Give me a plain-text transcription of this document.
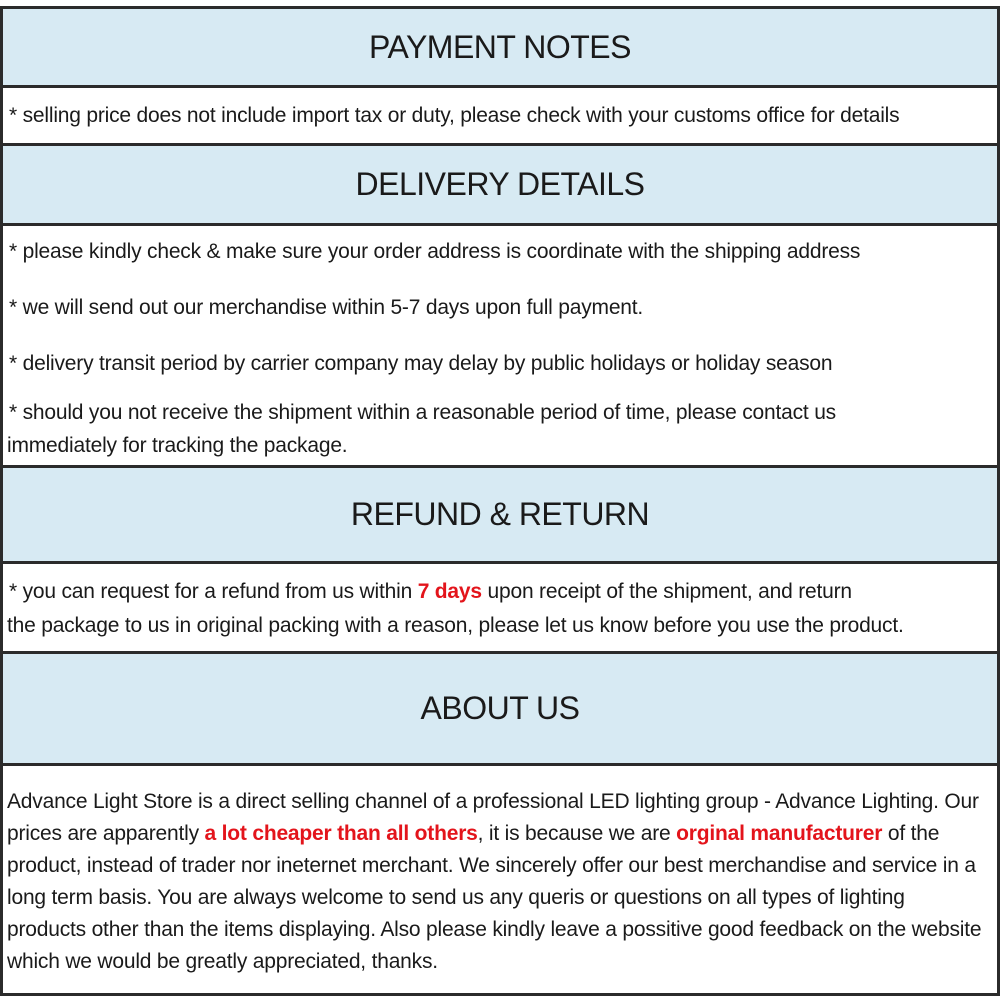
PAYMENT NOTES
* selling price does not include import tax or duty, please check with your customs office for details
DELIVERY DETAILS
* please kindly check & make sure your order address is coordinate with the shipping address
* we will send out our merchandise within 5-7 days upon full payment.
* delivery transit period by carrier company may delay by public holidays or holiday season
* should you not receive the shipment within a reasonable period of time, please contact us
immediately for tracking the package.
REFUND & RETURN
* you can request for a refund from us within 7 days upon receipt of the shipment, and return
the package to us in original packing with a reason, please let us know before you use the product.
ABOUT US
Advance Light Store is a direct selling channel of a professional LED lighting group - Advance Lighting. Our
prices are apparently a lot cheaper than all others, it is because we are orginal manufacturer of the
product, instead of trader nor ineternet merchant. We sincerely offer our best merchandise and service in a
long term basis. You are always welcome to send us any queris or questions on all types of lighting
products other than the items displaying. Also please kindly leave a possitive good feedback on the website
which we would be greatly appreciated, thanks.
